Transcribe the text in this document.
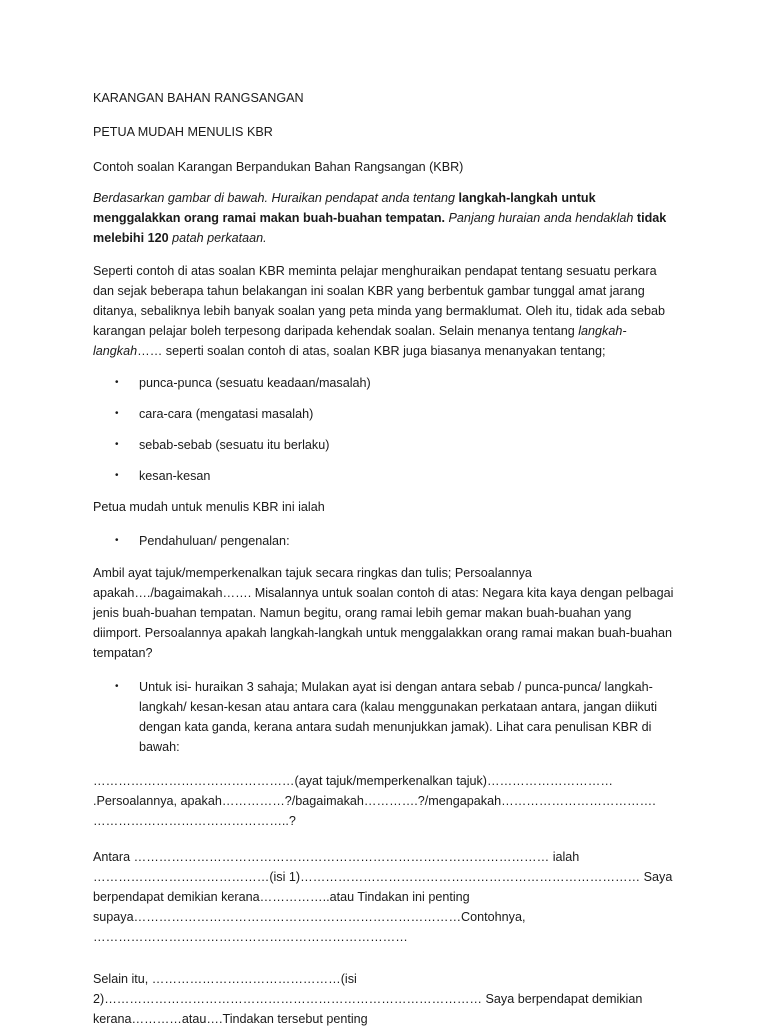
KARANGAN BAHAN RANGSANGAN

PETUA MUDAH MENULIS KBR

Contoh soalan Karangan Berpandukan Bahan Rangsangan (KBR)

Berdasarkan gambar di bawah. Huraikan pendapat anda tentang langkah-langkah untuk menggalakkan orang ramai makan buah-buahan tempatan. Panjang huraian anda hendaklah tidak melebihi 120 patah perkataan.

Seperti contoh di atas soalan KBR meminta pelajar menghuraikan pendapat tentang sesuatu perkara dan sejak beberapa tahun belakangan ini soalan KBR yang berbentuk gambar tunggal amat jarang ditanya, sebaliknya lebih banyak soalan yang peta minda yang bermaklumat. Oleh itu, tidak ada sebab karangan pelajar boleh terpesong daripada kehendak soalan. Selain menanya tentang langkah-langkah…… seperti soalan contoh di atas, soalan KBR juga biasanya menanyakan tentang;

• punca-punca (sesuatu keadaan/masalah)
• cara-cara (mengatasi masalah)
• sebab-sebab (sesuatu itu berlaku)
• kesan-kesan

Petua mudah untuk menulis KBR ini ialah

• Pendahuluan/ pengenalan:

Ambil ayat tajuk/memperkenalkan tajuk secara ringkas dan tulis; Persoalannya apakah…./bagaimakah……. Misalannya untuk soalan contoh di atas: Negara kita kaya dengan pelbagai jenis buah-buahan tempatan. Namun begitu, orang ramai lebih gemar makan buah-buahan yang diimport. Persoalannya apakah langkah-langkah untuk menggalakkan orang ramai makan buah-buahan tempatan?

• Untuk isi- huraikan 3 sahaja; Mulakan ayat isi dengan antara sebab / punca-punca/ langkah-langkah/ kesan-kesan atau antara cara (kalau menggunakan perkataan antara, jangan diikuti dengan kata ganda, kerana antara sudah menunjukkan jamak). Lihat cara penulisan KBR di bawah:

…………………………………………(ayat tajuk/memperkenalkan tajuk)………………………… .Persoalannya, apakah……………?/bagaimakah………….?/mengapakah………………………………. ………………………………………..?

Antara ……………………………………………………………………………………… ialah ……………………………………(isi 1)……………………………………………………………………… Saya berpendapat demikian kerana……………..atau Tindakan ini penting supaya……………………………………………………………………Contohnya, …………………………………………………………………

Selain itu, ………………………………………(isi 2)……………………………………………………………………………… Saya berpendapat demikian kerana…………atau….Tindakan tersebut penting
